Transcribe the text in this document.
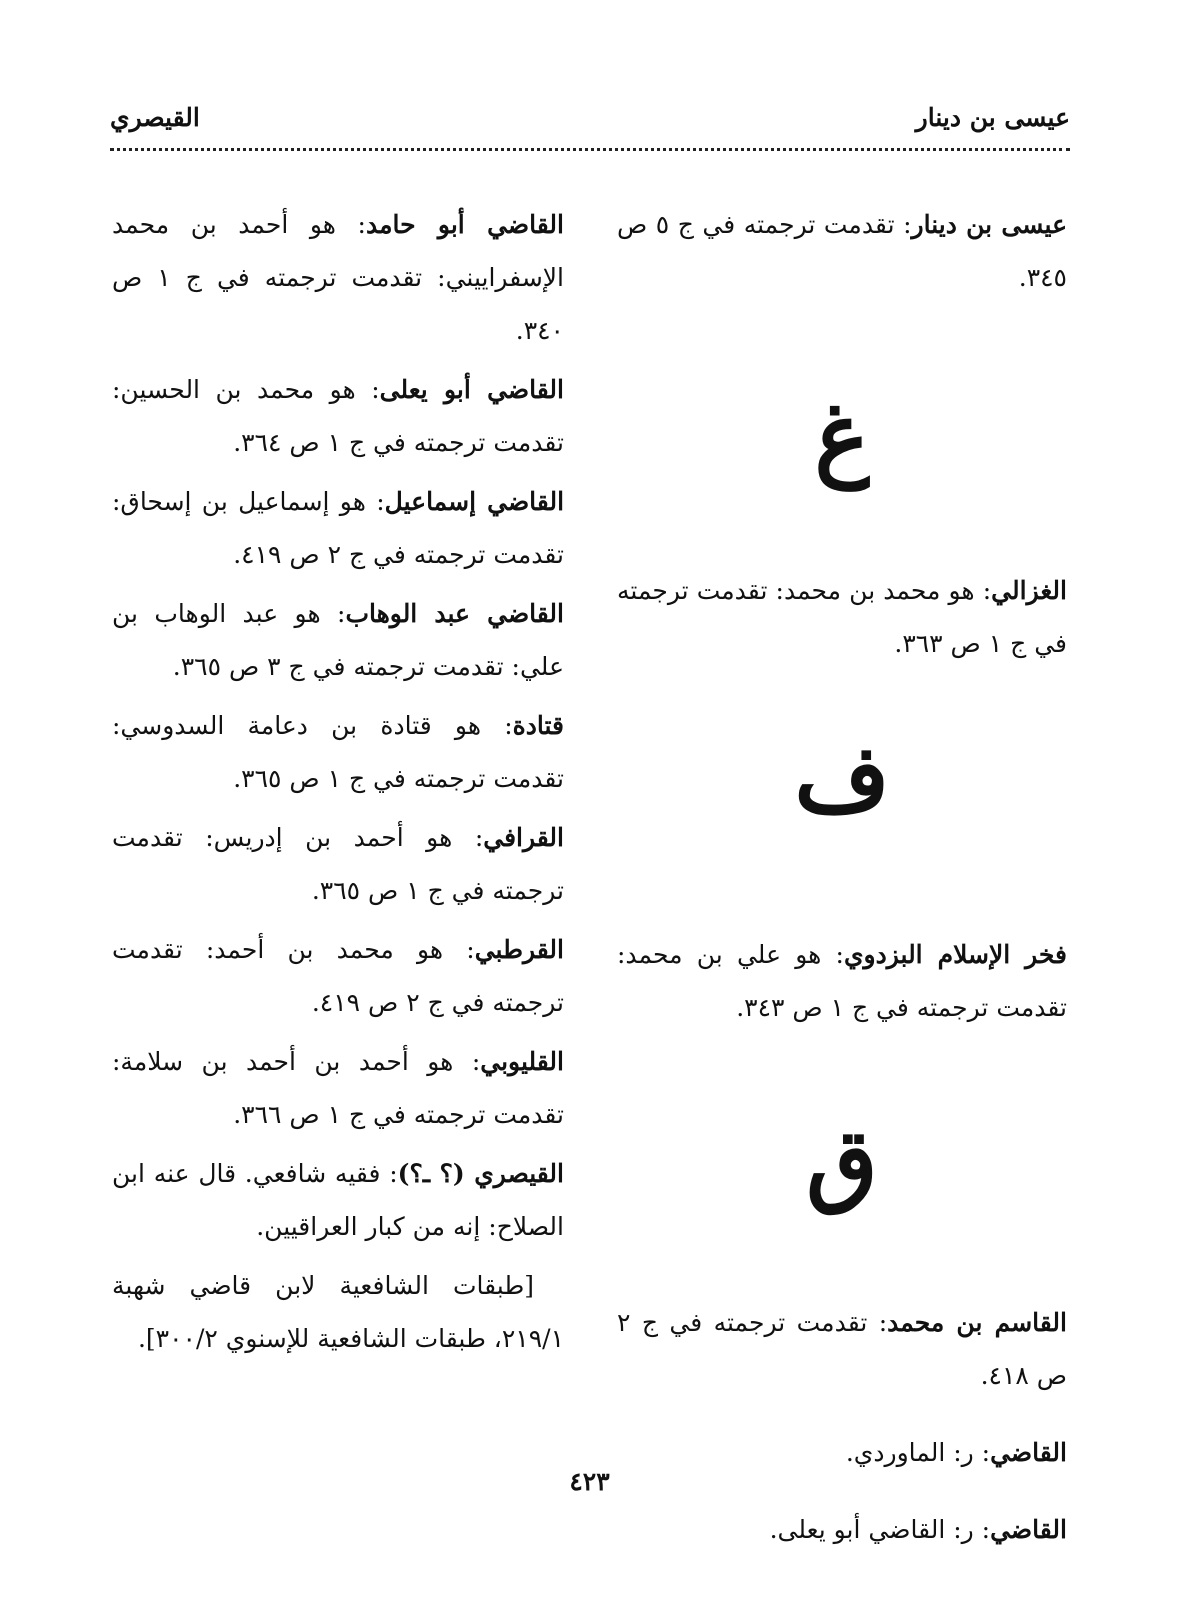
عيسى بن دينار
القيصري

عيسى بن دينار: تقدمت ترجمته في ج ٥ ص ٣٤٥.

غ

الغزالي: هو محمد بن محمد: تقدمت ترجمته في ج ١ ص ٣٦٣.

ف

فخر الإسلام البزدوي: هو علي بن محمد: تقدمت ترجمته في ج ١ ص ٣٤٣.

ق

القاسم بن محمد: تقدمت ترجمته في ج ٢ ص ٤١٨.

القاضي: ر: الماوردي.

القاضي: ر: القاضي أبو يعلى.

القاضي أبو حامد: هو أحمد بن محمد الإسفراييني: تقدمت ترجمته في ج ١ ص ٣٤٠.

القاضي أبو يعلى: هو محمد بن الحسين: تقدمت ترجمته في ج ١ ص ٣٦٤.

القاضي إسماعيل: هو إسماعيل بن إسحاق: تقدمت ترجمته في ج ٢ ص ٤١٩.

القاضي عبد الوهاب: هو عبد الوهاب بن علي: تقدمت ترجمته في ج ٣ ص ٣٦٥.

قتادة: هو قتادة بن دعامة السدوسي: تقدمت ترجمته في ج ١ ص ٣٦٥.

القرافي: هو أحمد بن إدريس: تقدمت ترجمته في ج ١ ص ٣٦٥.

القرطبي: هو محمد بن أحمد: تقدمت ترجمته في ج ٢ ص ٤١٩.

القليوبي: هو أحمد بن أحمد بن سلامة: تقدمت ترجمته في ج ١ ص ٣٦٦.

القيصري (؟ ـ؟): فقيه شافعي. قال عنه ابن الصلاح: إنه من كبار العراقيين.

[طبقات الشافعية لابن قاضي شهبة ٢١٩/١، طبقات الشافعية للإسنوي ٣٠٠/٢].

٤٢٣
